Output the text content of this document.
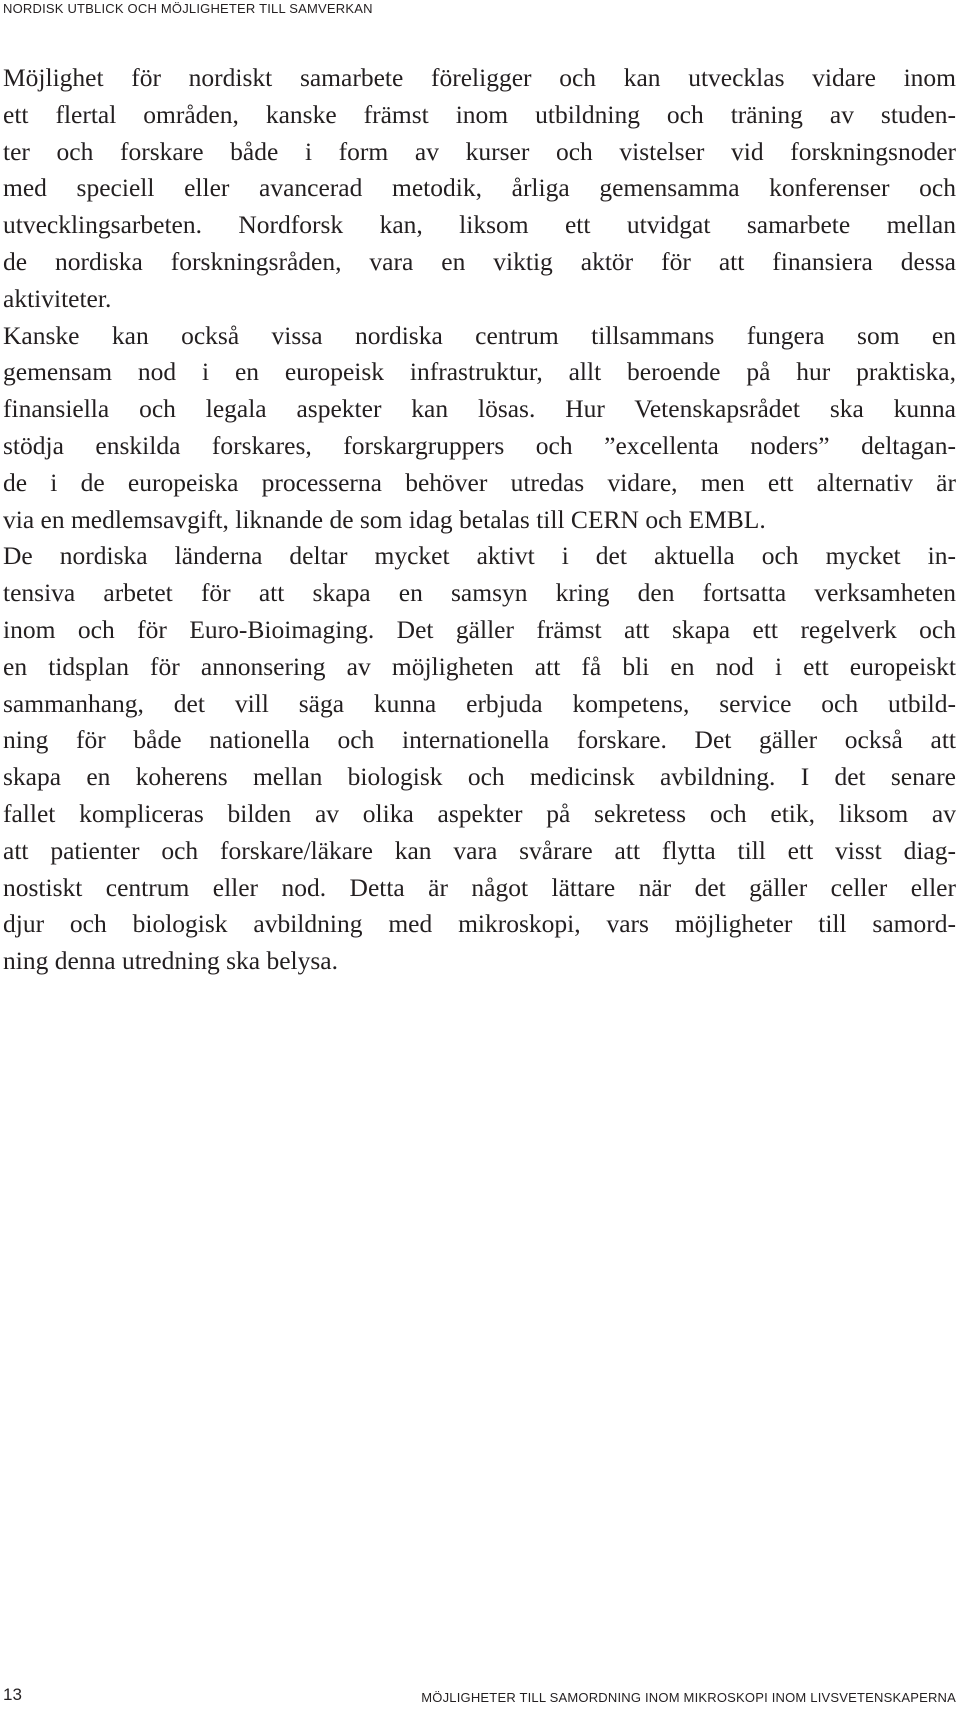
NORDISK UTBLICK OCH MÖJLIGHETER TILL SAMVERKAN
Möjlighet för nordiskt samarbete föreligger och kan utvecklas vidare inom
ett flertal områden, kanske främst inom utbildning och träning av studen-
ter och forskare både i form av kurser och vistelser vid forskningsnoder
med speciell eller avancerad metodik, årliga gemensamma konferenser och
utvecklingsarbeten. Nordforsk kan, liksom ett utvidgat samarbete mellan
de nordiska forskningsråden, vara en viktig aktör för att finansiera dessa
aktiviteter.
Kanske kan också vissa nordiska centrum tillsammans fungera som en
gemensam nod i en europeisk infrastruktur, allt beroende på hur praktiska,
finansiella och legala aspekter kan lösas. Hur Vetenskapsrådet ska kunna
stödja enskilda forskares, forskargruppers och ”excellenta noders” deltagan-
de i de europeiska processerna behöver utredas vidare, men ett alternativ är
via en medlemsavgift, liknande de som idag betalas till CERN och EMBL.
De nordiska länderna deltar mycket aktivt i det aktuella och mycket in-
tensiva arbetet för att skapa en samsyn kring den fortsatta verksamheten
inom och för Euro-Bioimaging. Det gäller främst att skapa ett regelverk och
en tidsplan för annonsering av möjligheten att få bli en nod i ett europeiskt
sammanhang, det vill säga kunna erbjuda kompetens, service och utbild-
ning för både nationella och internationella forskare. Det gäller också att
skapa en koherens mellan biologisk och medicinsk avbildning. I det senare
fallet kompliceras bilden av olika aspekter på sekretess och etik, liksom av
att patienter och forskare/läkare kan vara svårare att flytta till ett visst diag-
nostiskt centrum eller nod. Detta är något lättare när det gäller celler eller
djur och biologisk avbildning med mikroskopi, vars möjligheter till samord-
ning denna utredning ska belysa.
13	MÖJLIGHETER TILL SAMORDNING INOM MIKROSKOPI INOM LIVSVETENSKAPERNA
